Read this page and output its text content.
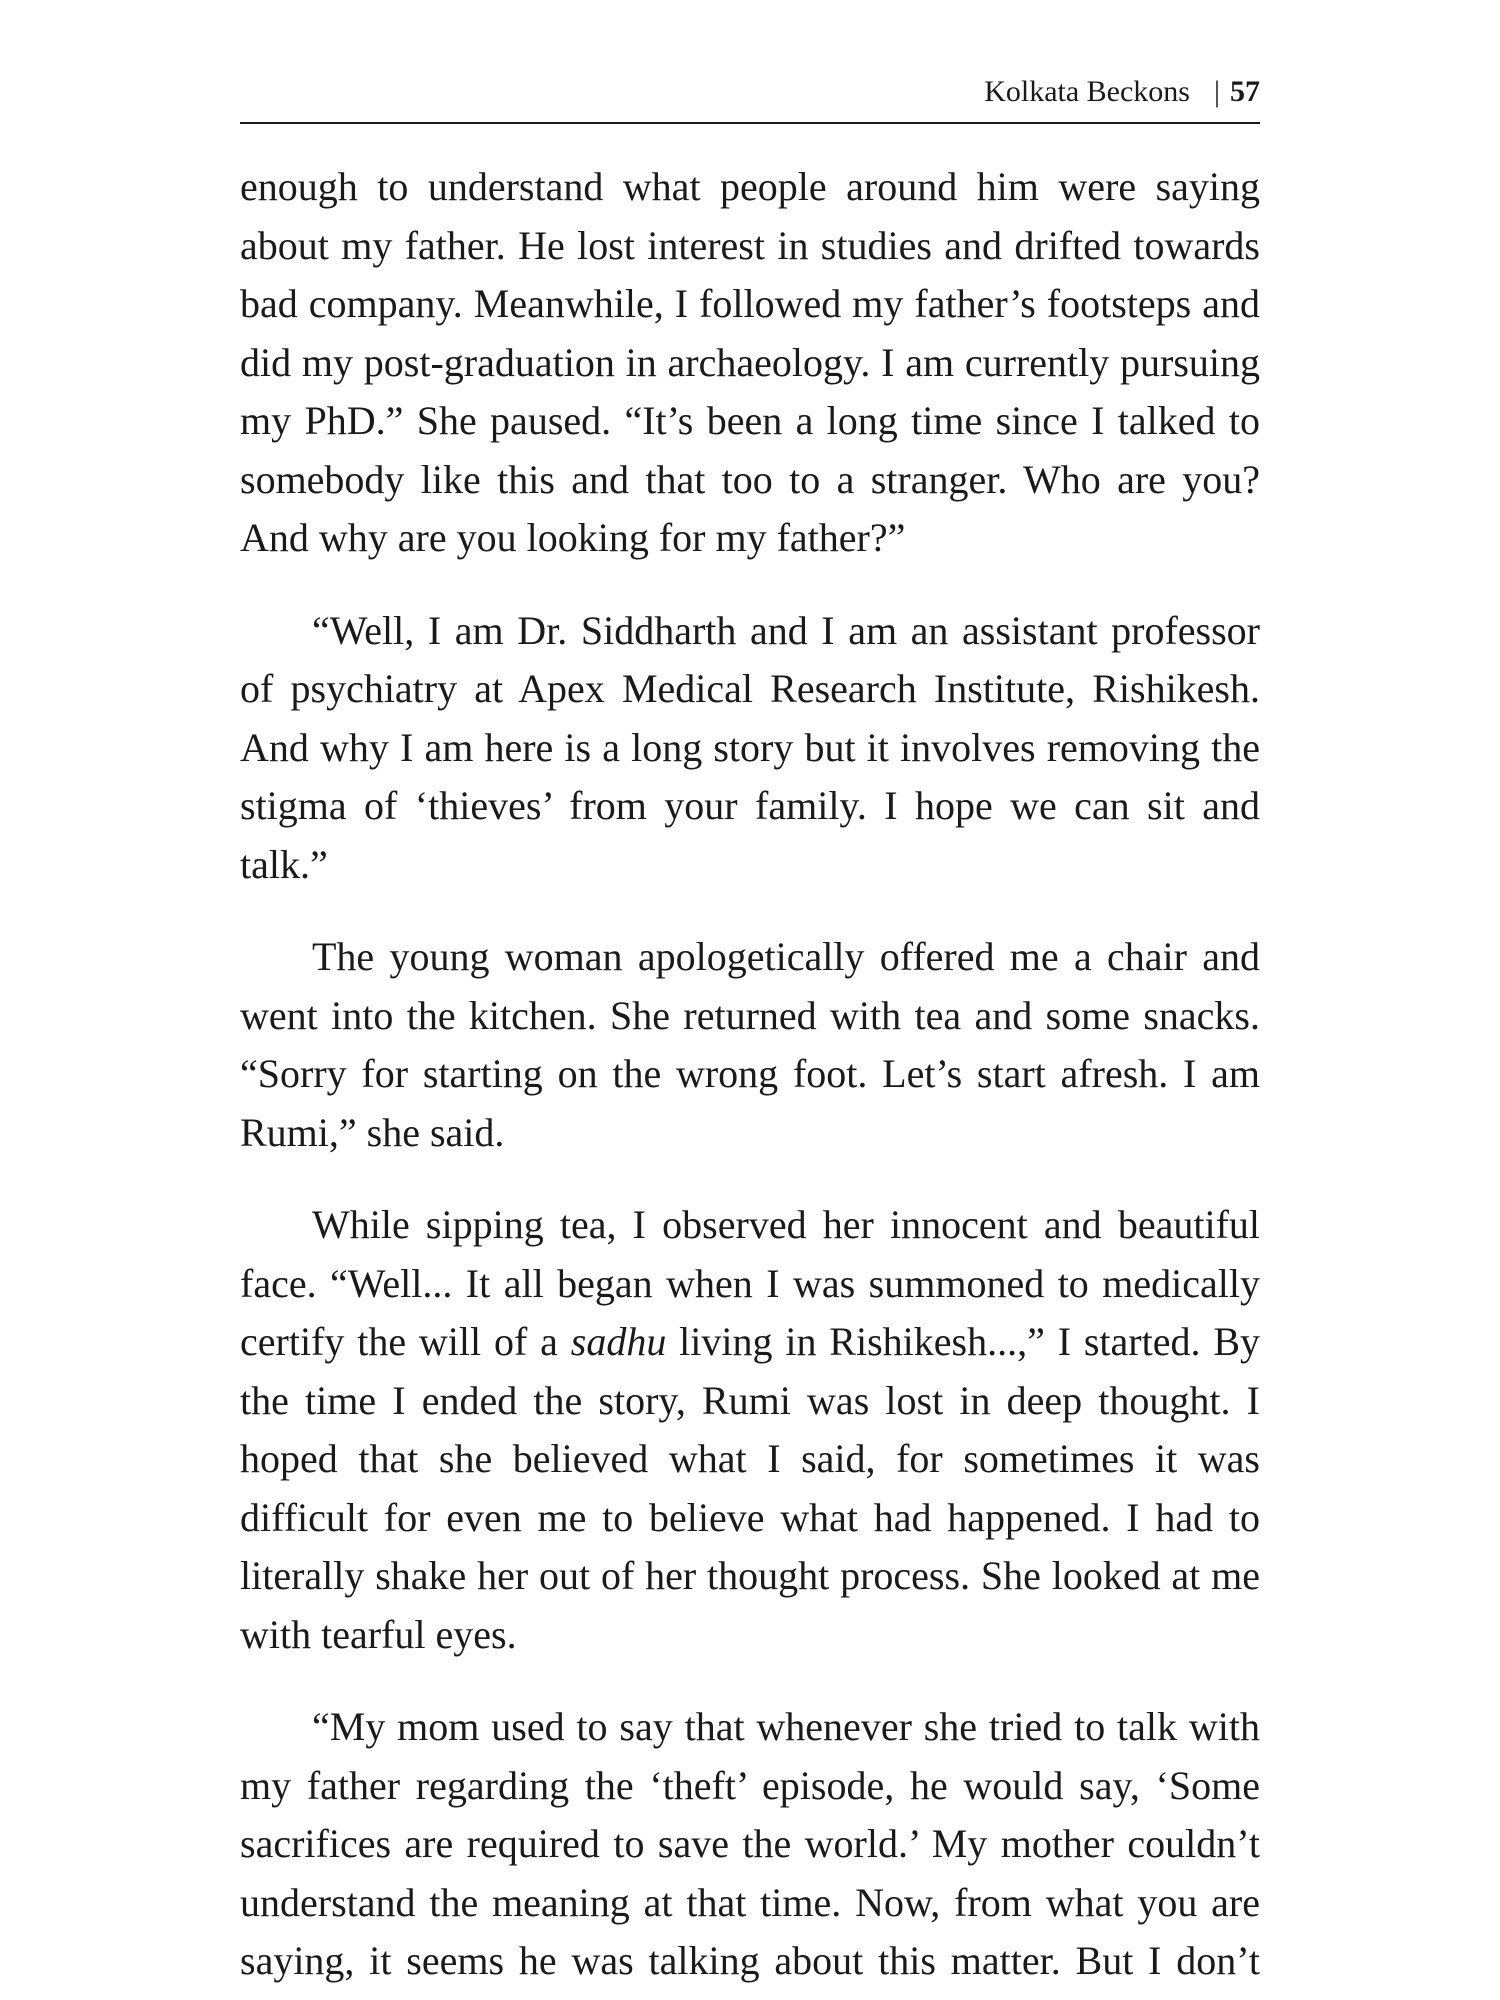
Kolkata Beckons | 57

enough to understand what people around him were saying about my father. He lost interest in studies and drifted towards bad company. Meanwhile, I followed my father’s footsteps and did my post-graduation in archaeology. I am currently pursuing my PhD.” She paused. “It’s been a long time since I talked to somebody like this and that too to a stranger. Who are you? And why are you looking for my father?”

“Well, I am Dr. Siddharth and I am an assistant professor of psychiatry at Apex Medical Research Institute, Rishikesh. And why I am here is a long story but it involves removing the stigma of ‘thieves’ from your family. I hope we can sit and talk.”

The young woman apologetically offered me a chair and went into the kitchen. She returned with tea and some snacks. “Sorry for starting on the wrong foot. Let’s start afresh. I am Rumi,” she said.

While sipping tea, I observed her innocent and beautiful face. “Well... It all began when I was summoned to medically certify the will of a sadhu living in Rishikesh...,” I started. By the time I ended the story, Rumi was lost in deep thought. I hoped that she believed what I said, for sometimes it was difficult for even me to believe what had happened. I had to literally shake her out of her thought process. She looked at me with tearful eyes.

“My mom used to say that whenever she tried to talk with my father regarding the ‘theft’ episode, he would say, ‘Some sacrifices are required to save the world.’ My mother couldn’t understand the meaning at that time. Now, from what you are saying, it seems he was talking about this matter. But I don’t
